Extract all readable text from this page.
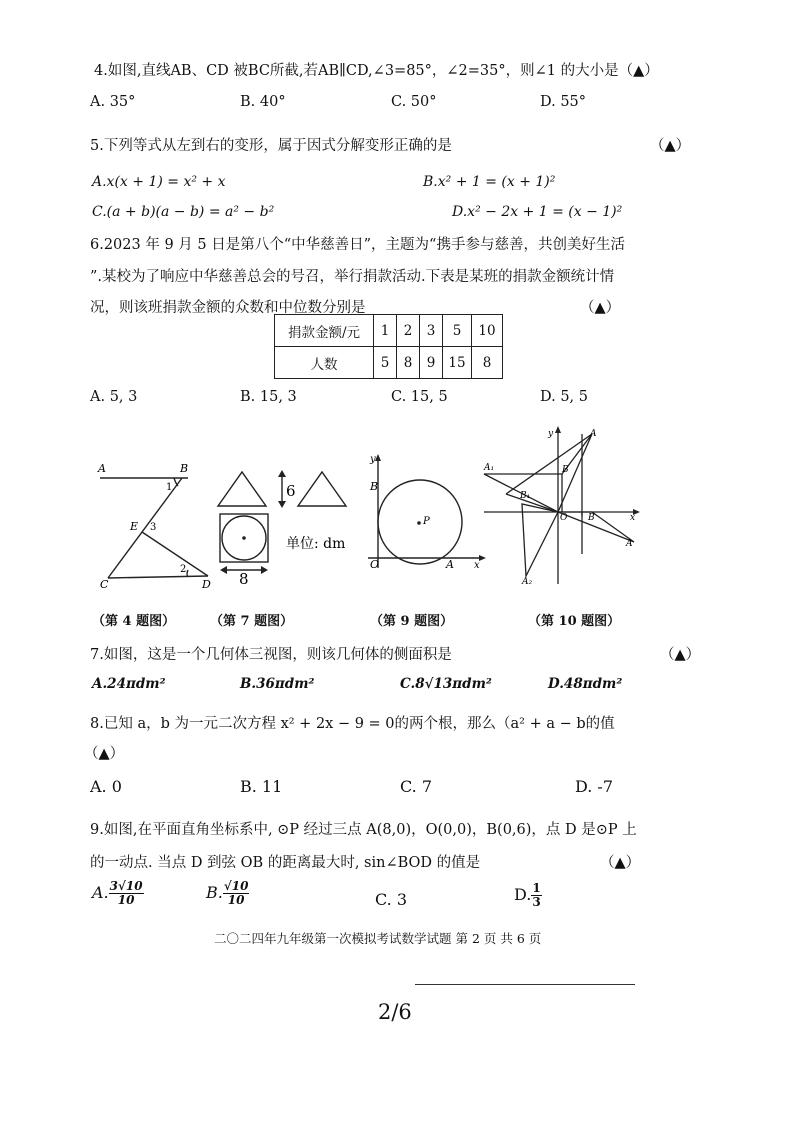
4.如图,直线AB、CD 被BC所截,若AB∥CD,∠3=85°，∠2=35°，则∠1 的大小是（▲）
A. 35°	B. 40°	C. 50°	D. 55°
5.下列等式从左到右的变形，属于因式分解变形正确的是	（▲）
A.x(x + 1) = x² + x	B.x² + 1 = (x + 1)²
C.(a + b)(a − b) = a² − b²	D.x² − 2x + 1 = (x − 1)²
6.2023 年 9 月 5 日是第八个“中华慈善日”，主题为“携手参与慈善，共创美好生活
”.某校为了响应中华慈善总会的号召，举行捐款活动.下表是某班的捐款金额统计情
况，则该班捐款金额的众数和中位数分别是	（▲）
捐款金额/元	1	2	3	5	10
人数	5	8	9	15	8
A. 5, 3	B. 15, 3	C. 15, 5	D. 5, 5
A	B
1
E 3
2
C	D
6
8
单位: dm
y
B
P
O	A x
y	A
A₁	B
B₁
O B	x
A
A₂
（第 4 题图）	（第 7 题图）	（第 9 题图）	（第 10 题图）
7.如图，这是一个几何体三视图，则该几何体的侧面积是	（▲）
A.24πdm²	B.36πdm²	C.8√13πdm²	D.48πdm²
8.已知 a，b 为一元二次方程 x² + 2x − 9 = 0的两个根，那么（a² + a − b的值
（▲）
A. 0	B. 11	C. 7	D. -7
9.如图,在平面直角坐标系中, ⊙P 经过三点 A(8,0)，O(0,0)，B(0,6)，点 D 是⊙P 上
的一动点. 当点 D 到弦 OB 的距离最大时, sin∠BOD 的值是	（▲）
A. $\frac{3√10}{10}$	B. $\frac{√10}{10}$	C. 3	D. $\frac{1}{3}$
二〇二四年九年级第一次模拟考试数学试题 第 2 页 共 6 页
2/6
